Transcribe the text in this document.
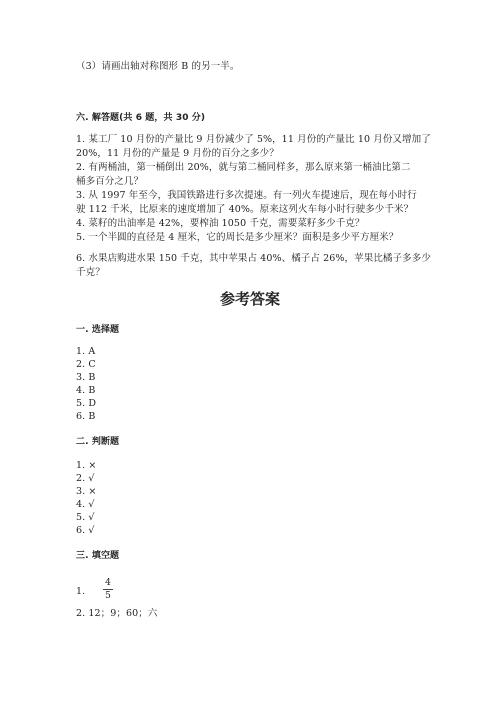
（3）请画出轴对称图形 B 的另一半。
六. 解答题(共 6 题，共 30 分)
1. 某工厂 10 月份的产量比 9 月份减少了 5%，11 月份的产量比 10 月份又增加了
20%，11 月份的产量是 9 月份的百分之多少？
2. 有两桶油，第一桶倒出 20%，就与第二桶同样多，那么原来第一桶油比第二
桶多百分之几？
3. 从 1997 年至今，我国铁路进行多次提速。有一列火车提速后，现在每小时行
驶 112 千米，比原来的速度增加了 40%。原来这列火车每小时行驶多少千米？
4. 菜籽的出油率是 42%，要榨油 1050 千克，需要菜籽多少千克？
5. 一个半圆的直径是 4 厘米，它的周长是多少厘米？面积是多少平方厘米？
6. 水果店购进水果 150 千克，其中苹果占 40%、橘子占 26%，苹果比橘子多多少
千克？
参考答案
一. 选择题
1. A
2. C
3. B
4. B
5. D
6. B
二. 判断题
1. ×
2. √
3. ×
4. √
5. √
6. √
三. 填空题
1.
4
5
2. 12；9；60；六
